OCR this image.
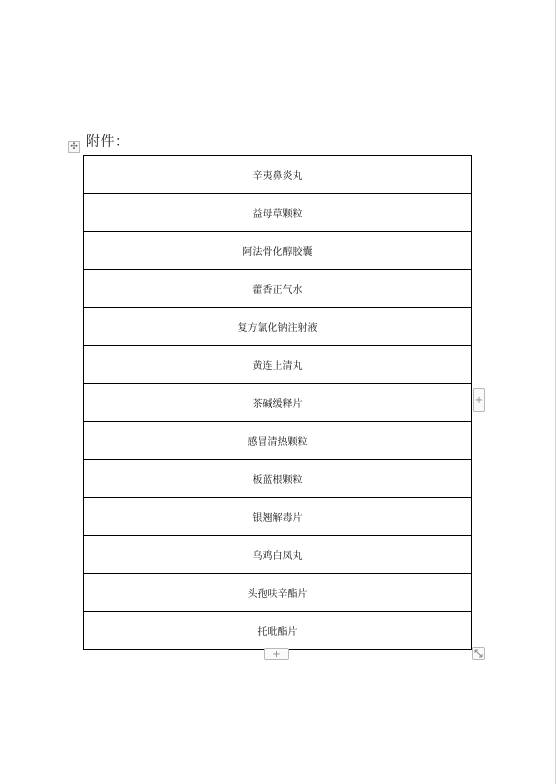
✣ 附件：
辛夷鼻炎丸
益母草颗粒
阿法骨化醇胶囊
藿香正气水
复方氯化钠注射液
黄连上清丸
茶碱缓释片
感冒清热颗粒
板蓝根颗粒
银翘解毒片
乌鸡白凤丸
头孢呋辛酯片
托吡酯片
+
+
